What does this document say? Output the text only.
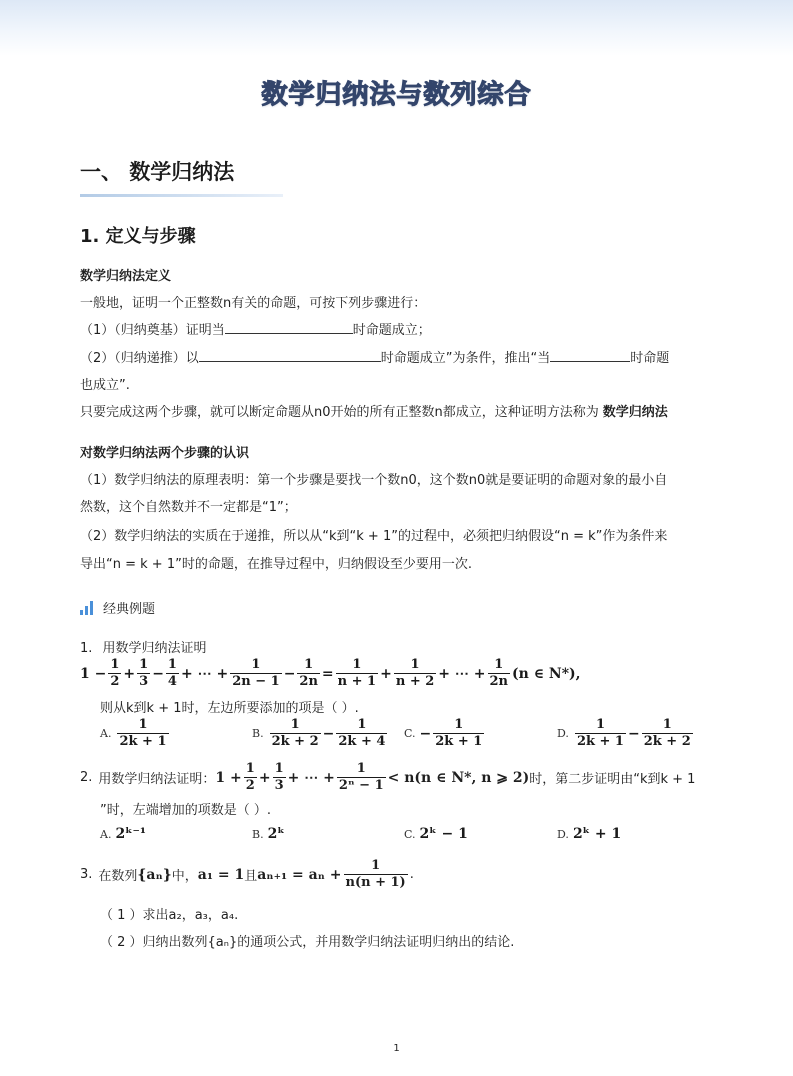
数学归纳法与数列综合
一、 数学归纳法
1. 定义与步骤
数学归纳法定义
一般地，证明一个正整数n有关的命题，可按下列步骤进行：
（1）（归纳奠基）证明当	时命题成立；
（2）（归纳递推）以	时命题成立”为条件，推出“当	时命题
也成立”.
只要完成这两个步骤，就可以断定命题从n0开始的所有正整数n都成立，这种证明方法称为 数学归纳法
对数学归纳法两个步骤的认识
（1）数学归纳法的原理表明：第一个步骤是要找一个数n0，这个数n0就是要证明的命题对象的最小自
然数，这个自然数并不一定都是“1”；
（2）数学归纳法的实质在于递推，所以从“k到“k + 1”的过程中，必须把归纳假设“n = k”作为条件来
导出“n = k + 1”时的命题，在推导过程中，归纳假设至少要用一次.
经典例题
1. 用数学归纳法证明
$1 - \frac{1}{2} + \frac{1}{3} - \frac{1}{4}$ + ⋯ + $\frac{1}{2n - 1} - \frac{1}{2n} = \frac{1}{n + 1} + \frac{1}{n + 2}$ + ⋯ + $\frac{1}{2n} (n$ ∈ N*),
则从k到k + 1时，左边所要添加的项是（ ）.
A. $\frac{1}{2k + 1}$	B. $\frac{1}{2k + 2} - \frac{1}{2k + 4} C$. − $\frac{1}{2k + 1}$	D. $\frac{1}{2k + 1} - \frac{1}{2k + 2}$
2. 用数学归纳法证明： $1 + \frac{1}{2} + \frac{1}{3}$ + ⋯ + $\frac{1}{\text{2ⁿ − 1}} < n(n$ ∈ N*, n ⩾ 2) 时，第二步证明由“k到k + 1
”时，左端增加的项数是（ ）.
A. 2ᵏ⁻¹	B. 2ᵏ	C. 2ᵏ − 1	D. 2ᵏ + 1
3. 在数列 {aₙ} 中， a₁ = 1 且 $a_{n+1} = a_n + \frac{1}{n(n + 1)}$ .
（ 1 ）求出a₂，a₃，a₄.
（ 2 ）归纳出数列{aₙ}的通项公式，并用数学归纳法证明归纳出的结论.
1
